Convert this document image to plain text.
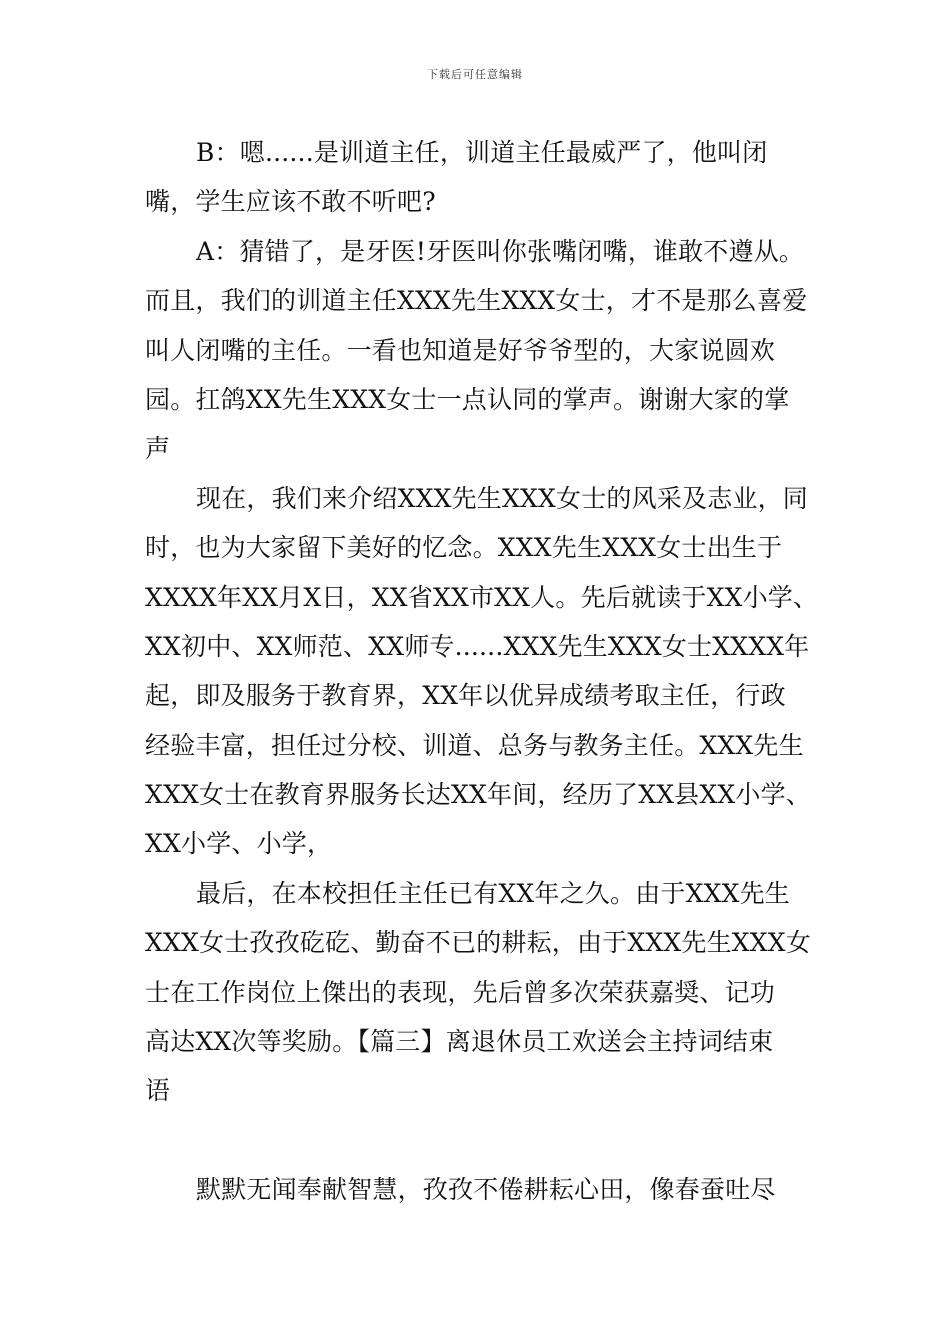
下载后可任意编辑
B：嗯......是训道主任，训道主任最威严了，他叫闭
嘴，学生应该不敢不听吧?
A：猜错了，是牙医!牙医叫你张嘴闭嘴，谁敢不遵从。
而且，我们的训道主任XXX先生XXX女士，才不是那么喜爱
叫人闭嘴的主任。一看也知道是好爷爷型的，大家说圆欢
园。扛鸽XX先生XXX女士一点认同的掌声。谢谢大家的掌
声
现在，我们来介绍XXX先生XXX女士的风采及志业，同
时，也为大家留下美好的忆念。XXX先生XXX女士出生于
XXXX年XX月X日，XX省XX市XX人。先后就读于XX小学、
XX初中、XX师范、XX师专......XXX先生XXX女士XXXX年
起，即及服务于教育界，XX年以优异成绩考取主任，行政
经验丰富，担任过分校、训道、总务与教务主任。XXX先生
XXX女士在教育界服务长达XX年间，经历了XX县XX小学、
XX小学、小学，
最后，在本校担任主任已有XX年之久。由于XXX先生
XXX女士孜孜矻矻、勤奋不已的耕耘，由于XXX先生XXX女
士在工作岗位上傑出的表现，先后曾多次荣获嘉奨、记功
高达XX次等奖励。【篇三】离退休员工欢送会主持词结束
语
默默无闻奉献智慧，孜孜不倦耕耘心田，像春蚕吐尽
